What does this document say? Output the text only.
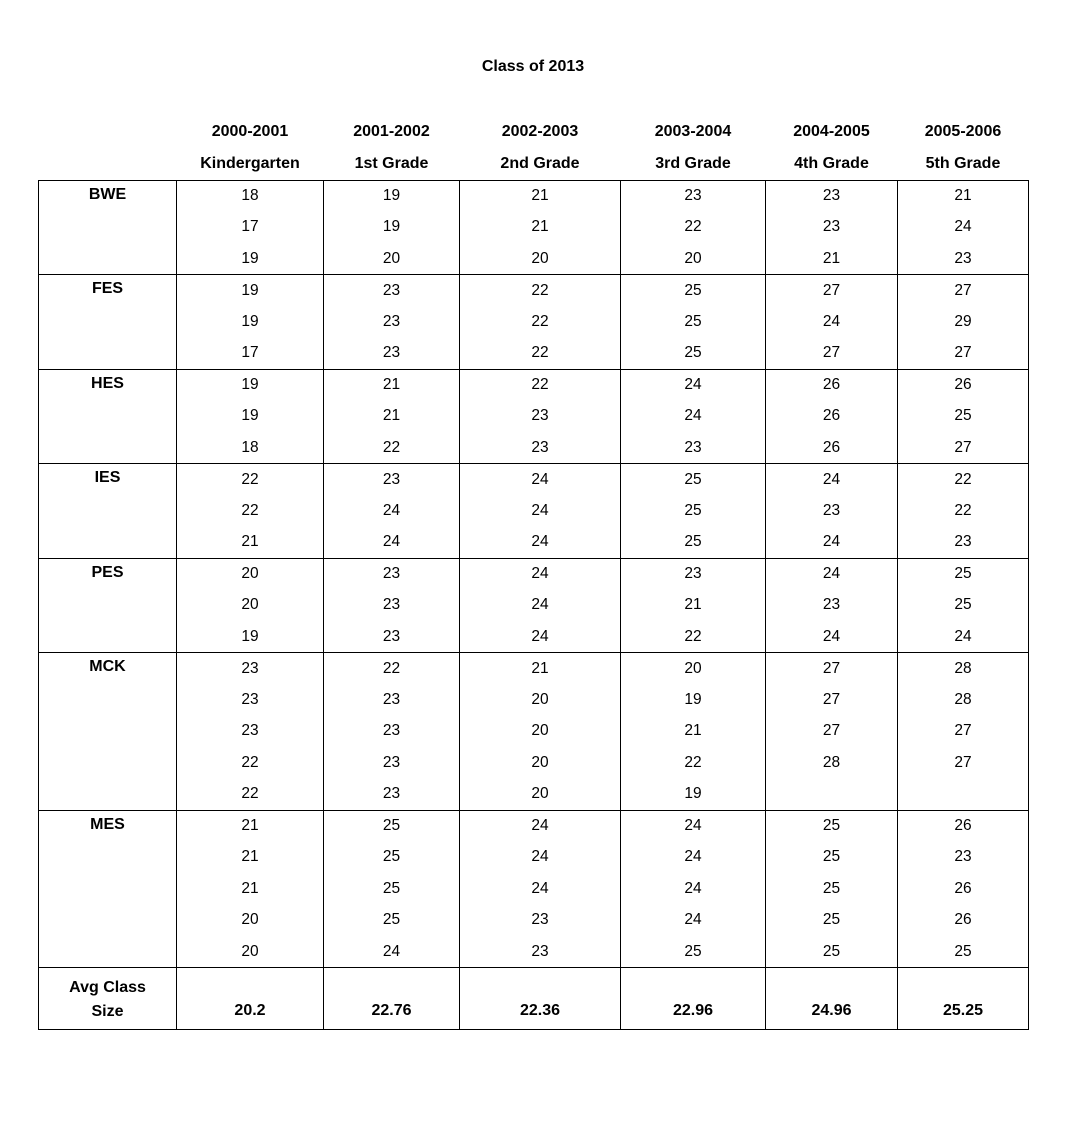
Class of 2013
	2000-2001	2001-2002	2002-2003	2003-2004	2004-2005	2005-2006
	Kindergarten	1st Grade	2nd Grade	3rd Grade	4th Grade	5th Grade
BWE	18	19	21	23	23	21
	17	19	21	22	23	24
	19	20	20	20	21	23
FES	19	23	22	25	27	27
	19	23	22	25	24	29
	17	23	22	25	27	27
HES	19	21	22	24	26	26
	19	21	23	24	26	25
	18	22	23	23	26	27
IES	22	23	24	25	24	22
	22	24	24	25	23	22
	21	24	24	25	24	23
PES	20	23	24	23	24	25
	20	23	24	21	23	25
	19	23	24	22	24	24
MCK	23	22	21	20	27	28
	23	23	20	19	27	28
	23	23	20	21	27	27
	22	23	20	22	28	27
	22	23	20	19		
MES	21	25	24	24	25	26
	21	25	24	24	25	23
	21	25	24	24	25	26
	20	25	23	24	25	26
	20	24	23	25	25	25
Avg Class
Size	20.2	22.76	22.36	22.96	24.96	25.25
